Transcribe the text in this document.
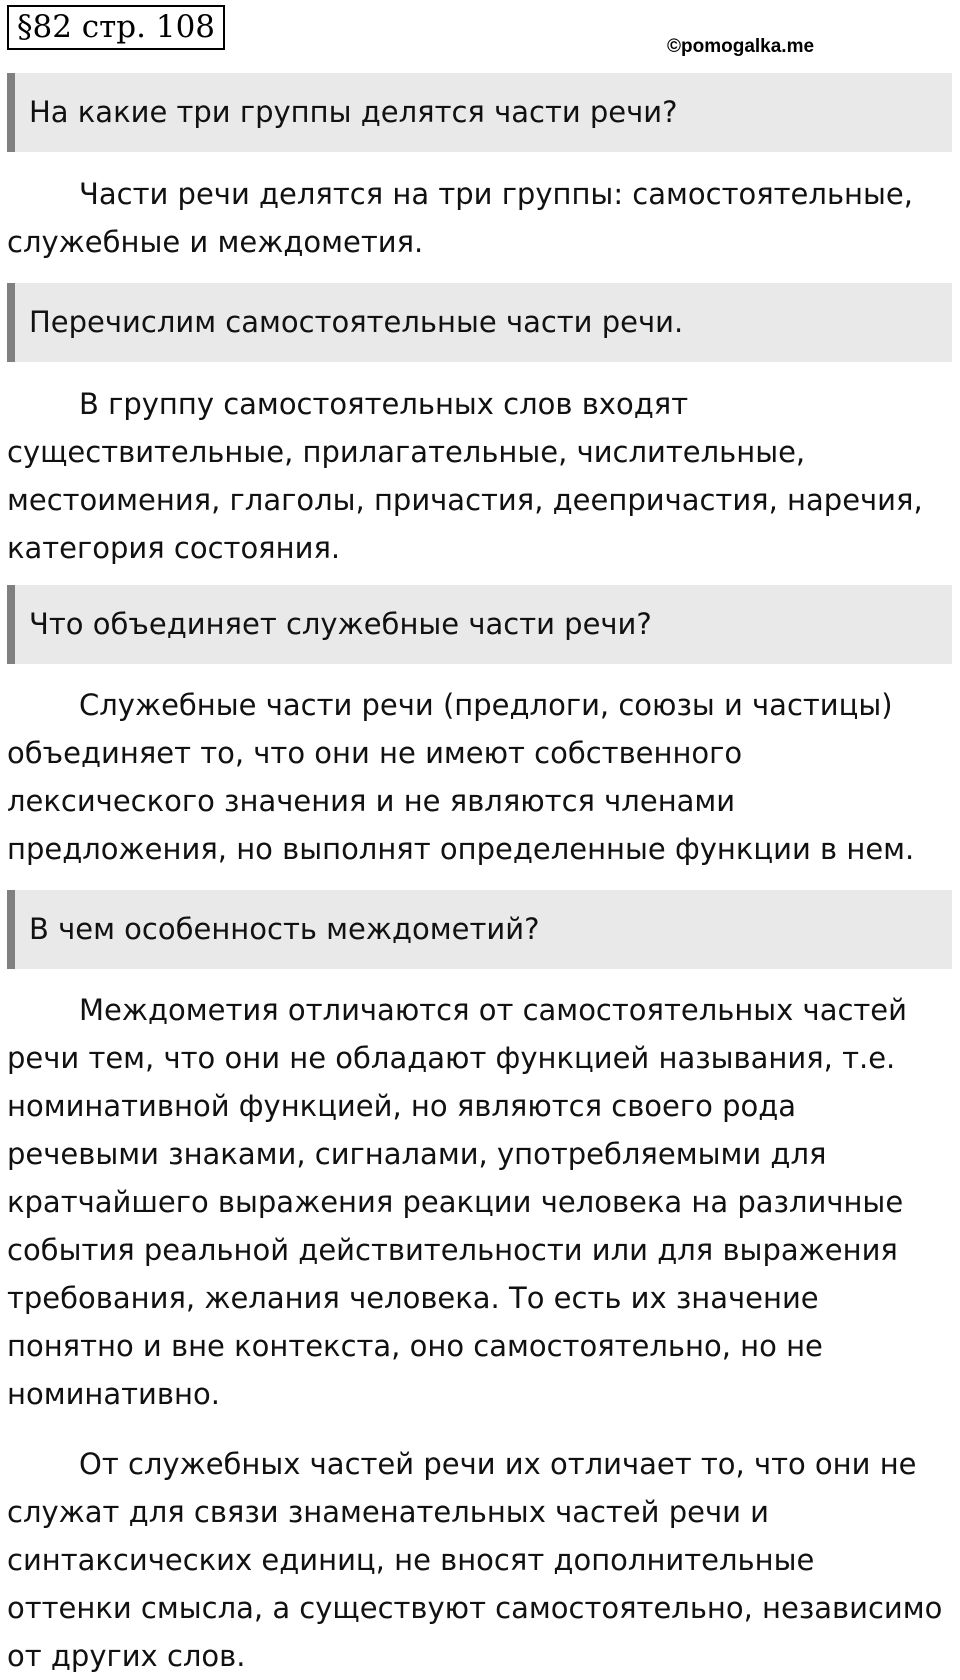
§82 стр. 108
©pomogalka.me
На какие три группы делятся части речи?

Части речи делятся на три группы: самостоятельные, служебные и междометия.

Перечислим самостоятельные части речи.

В группу самостоятельных слов входят существительные, прилагательные, числительные, местоимения, глаголы, причастия, деепричастия, наречия, категория состояния.

Что объединяет служебные части речи?

Служебные части речи (предлоги, союзы и частицы) объединяет то, что они не имеют собственного лексического значения и не являются членами предложения, но выполнят определенные функции в нем.

В чем особенность междометий?

Междометия отличаются от самостоятельных частей речи тем, что они не обладают функцией называния, т.е. номинативной функцией, но являются своего рода речевыми знаками, сигналами, употребляемыми для кратчайшего выражения реакции человека на различные события реальной действительности или для выражения требования, желания человека. То есть их значение понятно и вне контекста, оно самостоятельно, но не номинативно.

От служебных частей речи их отличает то, что они не служат для связи знаменательных частей речи и синтаксических единиц, не вносят дополнительные оттенки смысла, а существуют самостоятельно, независимо от других слов.
